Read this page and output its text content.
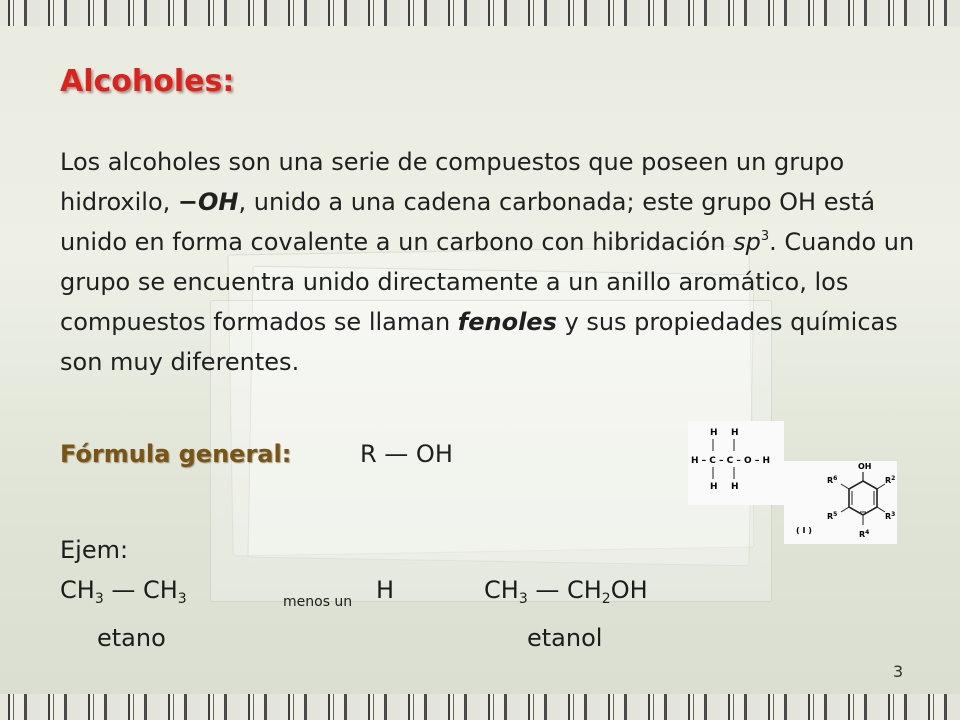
Alcoholes:
Los alcoholes son una serie de compuestos que poseen un grupo hidroxilo, −OH, unido a una cadena carbonada; este grupo OH está unido en forma covalente a un carbono con hibridación $sp^3$. Cuando un grupo se encuentra unido directamente a un anillo aromático, los compuestos formados se llaman fenoles y sus propiedades químicas son muy diferentes.
Fórmula general:	R — OH
H H
H – C – C – O – H
H H
OH
$R^6$	$R^2$
$R^5$	$R^3$
$R^4$
( I )
Ejem:
$CH_3$ — $CH_3$	menos un H	$CH_3$ — $CH_2OH$
etano	etanol
3
